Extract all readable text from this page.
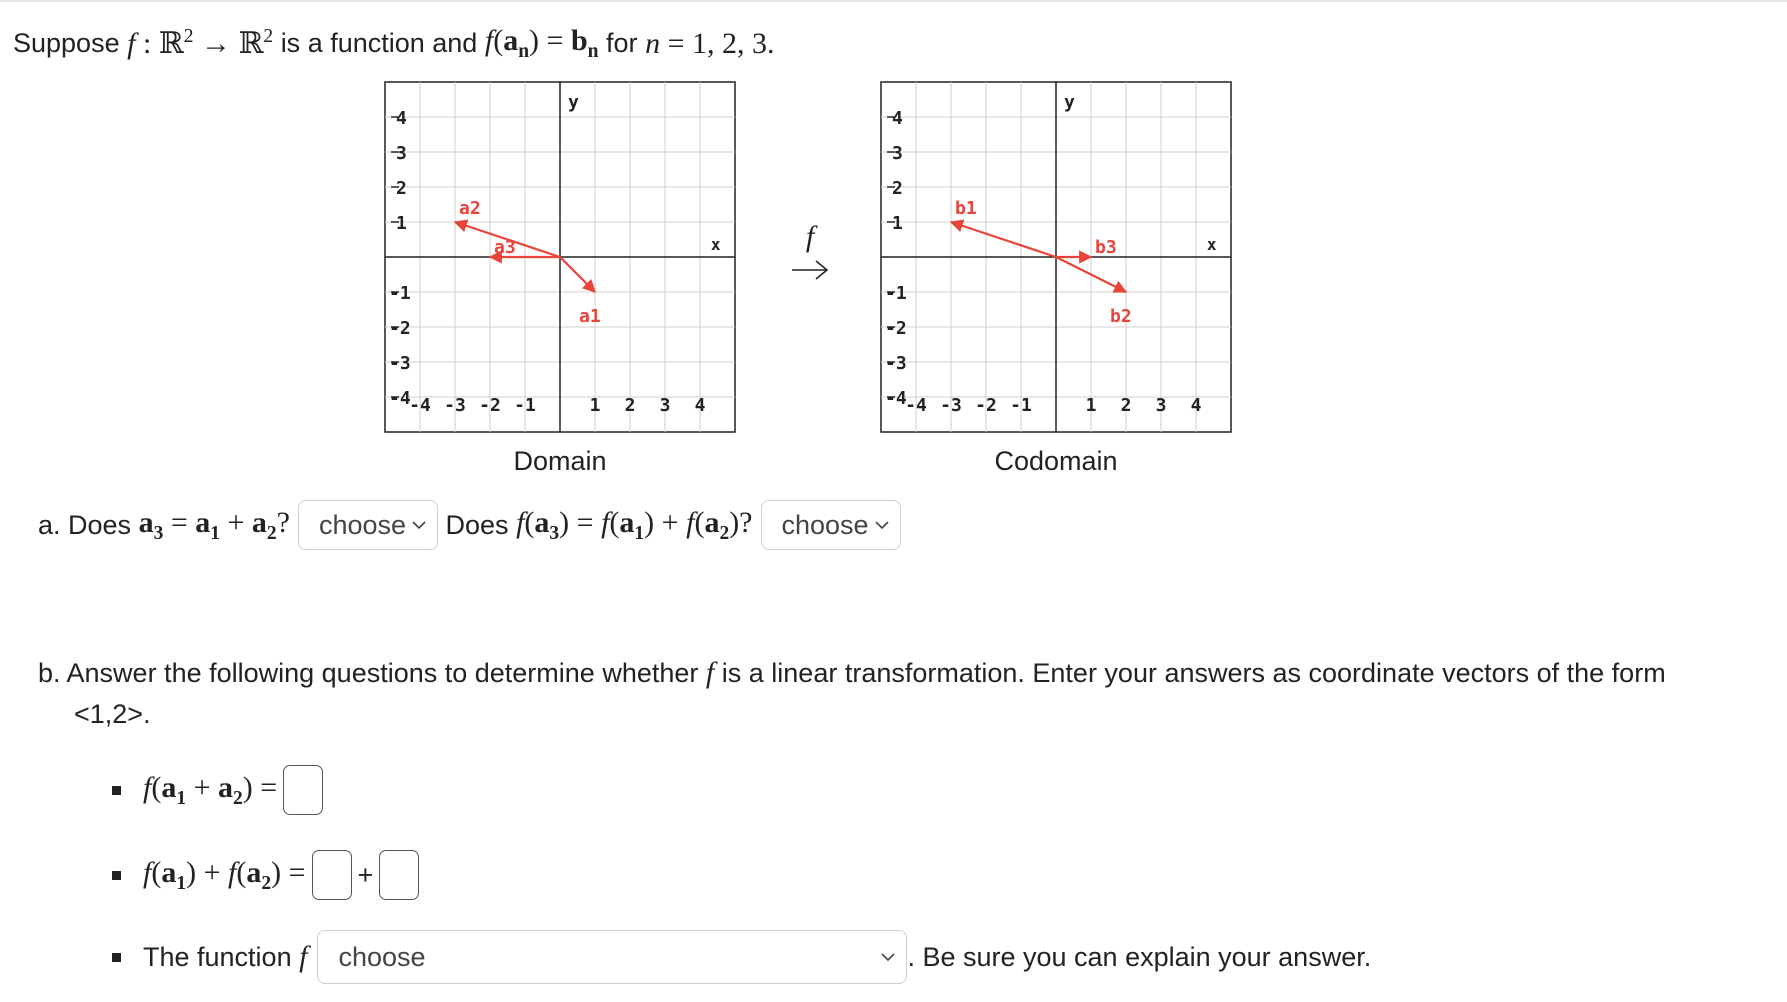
Suppose
f : ℝ$^2$ → ℝ$^2$
is a function and
$f(a_n) = b_n$
for
n = 1, 2, 3.
4
3
2
1
-1
-2
-3
-4
-4 -3 -2 -1	1 2 3 4
y
x
a1
a2
a3
Domain
f
4
3
2
1
-1
-2
-3
-4
-4 -3 -2 -1	1 2 3 4
y
x
b1
b2
b3
Codomain
a. Does
$a_3 = a_1 + a_2$? choose
Does
$f(a_3) = f(a_1) + f(a_2)$? choose
b. Answer the following questions to determine whether
f
is a linear transformation. Enter your answers as coordinate vectors of the form
<1,2>.
$f(a_1 + a_2)$ =
$f(a_1) + f(a_2)$ = +
The function
f choose	. Be sure you can explain your answer.
